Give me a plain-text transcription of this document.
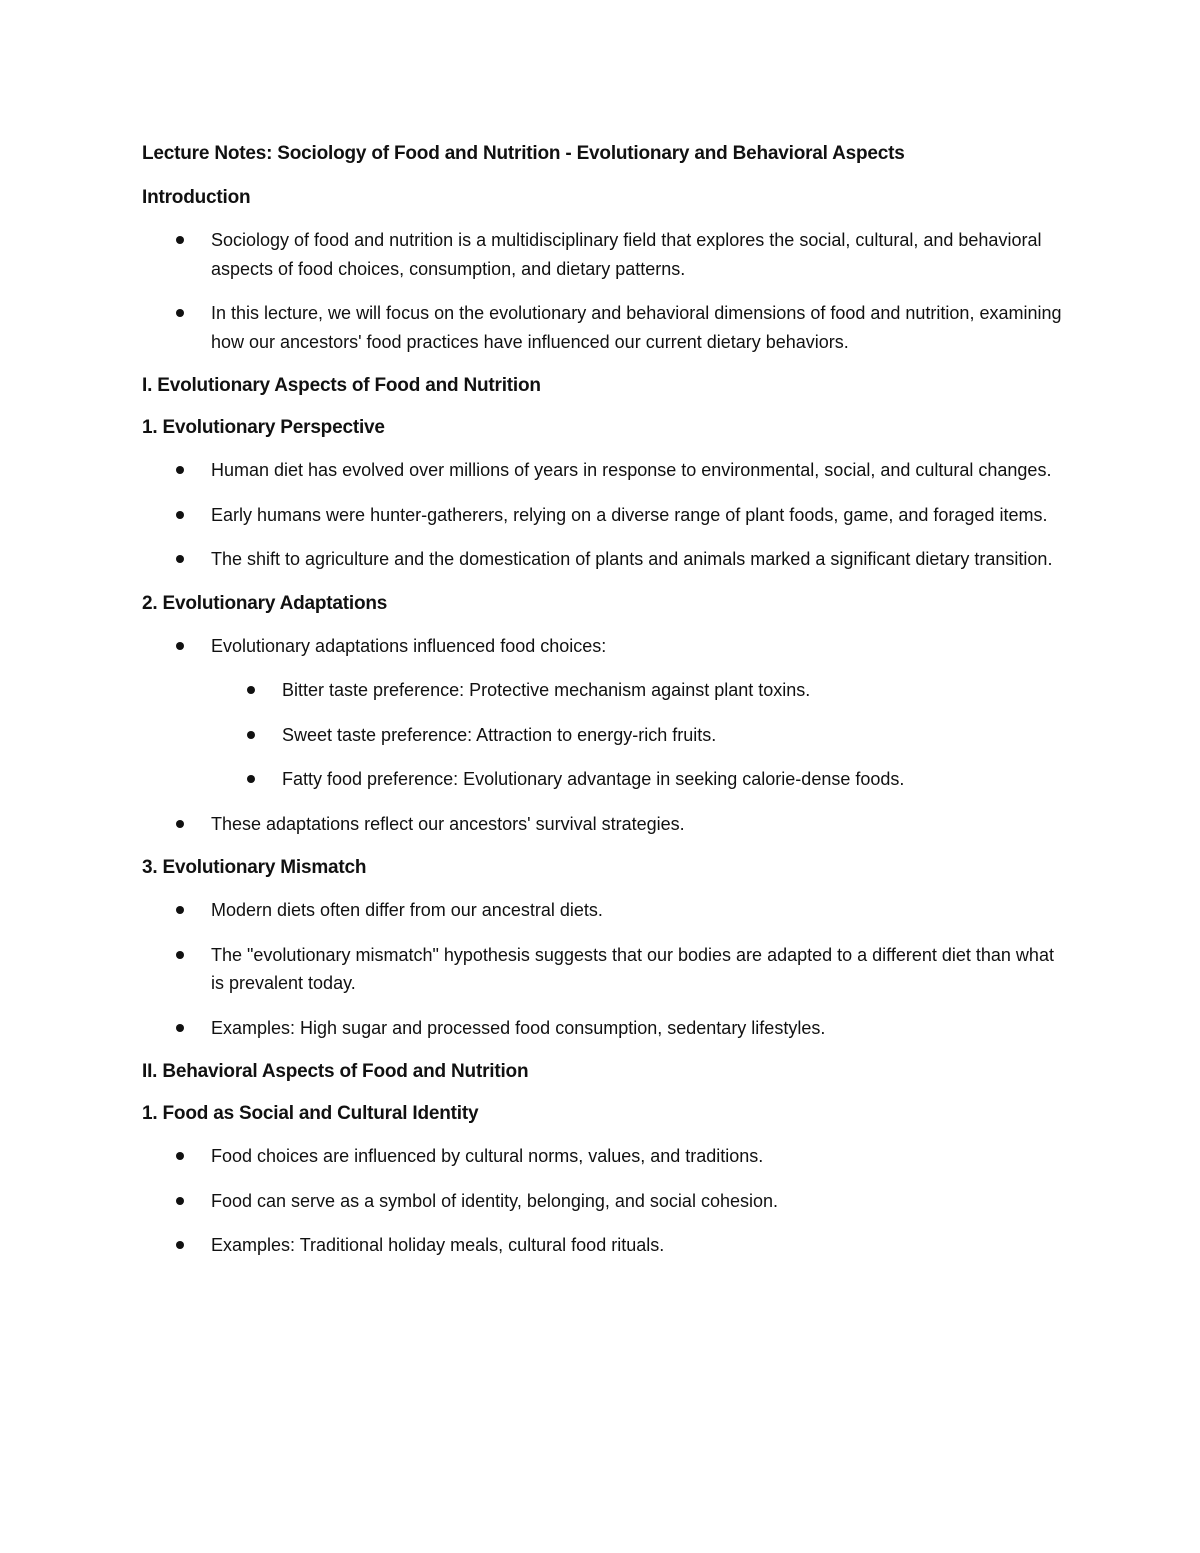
Lecture Notes: Sociology of Food and Nutrition - Evolutionary and Behavioral Aspects
Introduction
Sociology of food and nutrition is a multidisciplinary field that explores the social, cultural, and behavioral aspects of food choices, consumption, and dietary patterns.
In this lecture, we will focus on the evolutionary and behavioral dimensions of food and nutrition, examining how our ancestors' food practices have influenced our current dietary behaviors.
I. Evolutionary Aspects of Food and Nutrition
1. Evolutionary Perspective
Human diet has evolved over millions of years in response to environmental, social, and cultural changes.
Early humans were hunter-gatherers, relying on a diverse range of plant foods, game, and foraged items.
The shift to agriculture and the domestication of plants and animals marked a significant dietary transition.
2. Evolutionary Adaptations
Evolutionary adaptations influenced food choices:
Bitter taste preference: Protective mechanism against plant toxins.
Sweet taste preference: Attraction to energy-rich fruits.
Fatty food preference: Evolutionary advantage in seeking calorie-dense foods.
These adaptations reflect our ancestors' survival strategies.
3. Evolutionary Mismatch
Modern diets often differ from our ancestral diets.
The "evolutionary mismatch" hypothesis suggests that our bodies are adapted to a different diet than what is prevalent today.
Examples: High sugar and processed food consumption, sedentary lifestyles.
II. Behavioral Aspects of Food and Nutrition
1. Food as Social and Cultural Identity
Food choices are influenced by cultural norms, values, and traditions.
Food can serve as a symbol of identity, belonging, and social cohesion.
Examples: Traditional holiday meals, cultural food rituals.
